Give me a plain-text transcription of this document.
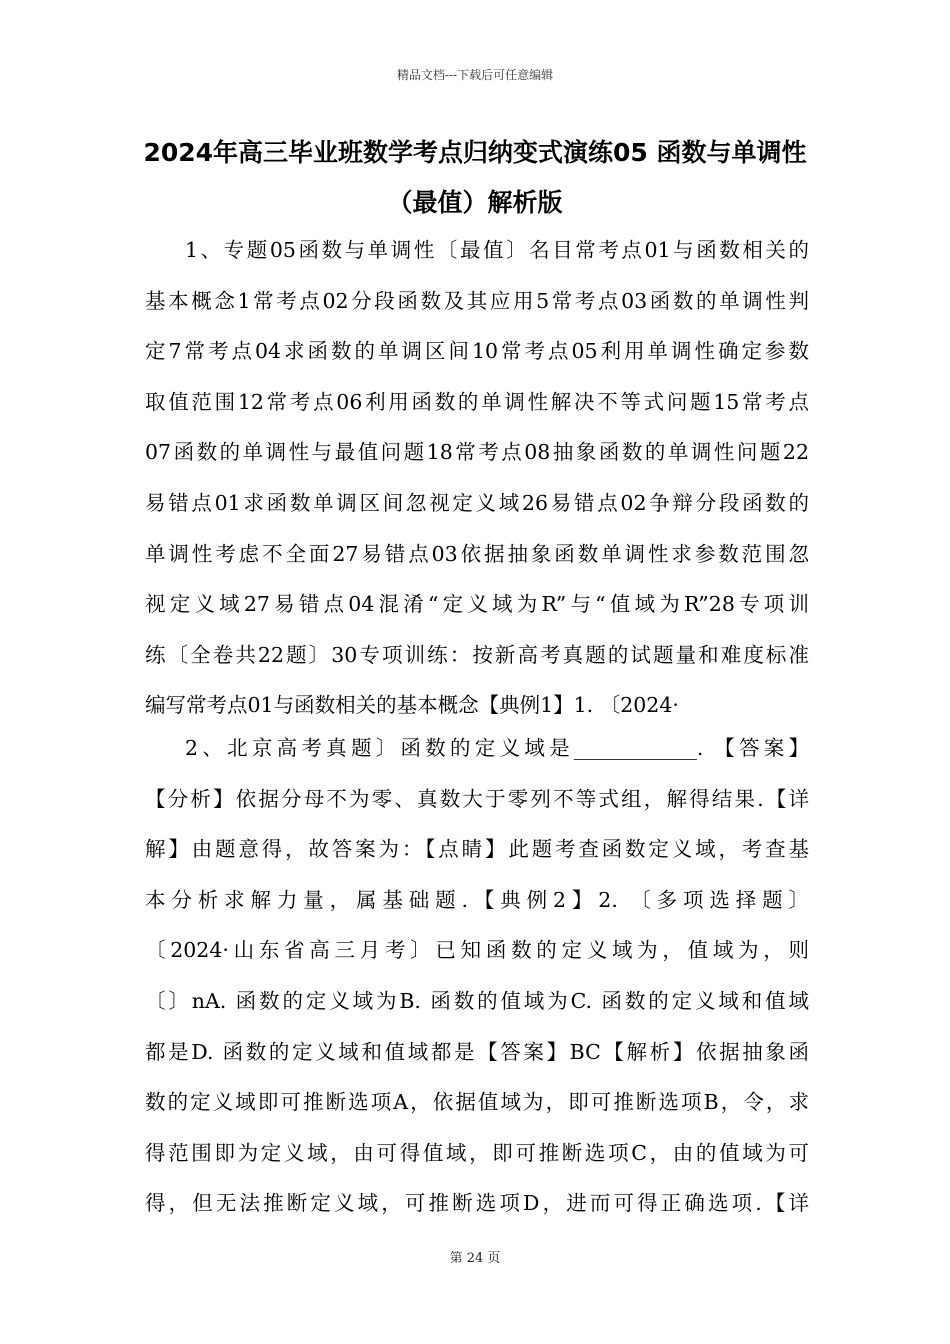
精品文档---下载后可任意编辑
2024年高三毕业班数学考点归纳变式演练05 函数与单调性
（最值）解析版
1、专题05函数与单调性〔最值〕名目常考点01与函数相关的
基本概念1常考点02分段函数及其应用5常考点03函数的单调性判
定7常考点04求函数的单调区间10常考点05利用单调性确定参数
取值范围12常考点06利用函数的单调性解决不等式问题15常考点
07函数的单调性与最值问题18常考点08抽象函数的单调性问题22
易错点01求函数单调区间忽视定义域26易错点02争辩分段函数的
单调性考虑不全面27易错点03依据抽象函数单调性求参数范围忽
视定义域27易错点04混淆“定义域为R”与“值域为R”28专项训
练〔全卷共22题〕30专项训练：按新高考真题的试题量和难度标准
编写常考点01与函数相关的基本概念【典例1】1. 〔2024·
2、北京高考真题〕函数的定义域是____________. 【答案】
【分析】依据分母不为零、真数大于零列不等式组，解得结果.【详
解】由题意得，故答案为：【点睛】此题考查函数定义域，考查基
本分析求解力量，属基础题.【典例2】2. 〔多项选择题〕
〔2024·山东省高三月考〕已知函数的定义域为，值域为，则
〔〕nA. 函数的定义域为B. 函数的值域为C. 函数的定义域和值域
都是D. 函数的定义域和值域都是【答案】BC【解析】依据抽象函
数的定义域即可推断选项A，依据值域为，即可推断选项B，令，求
得范围即为定义域，由可得值域，即可推断选项C，由的值域为可
得，但无法推断定义域，可推断选项D，进而可得正确选项.【详
第 24 页
